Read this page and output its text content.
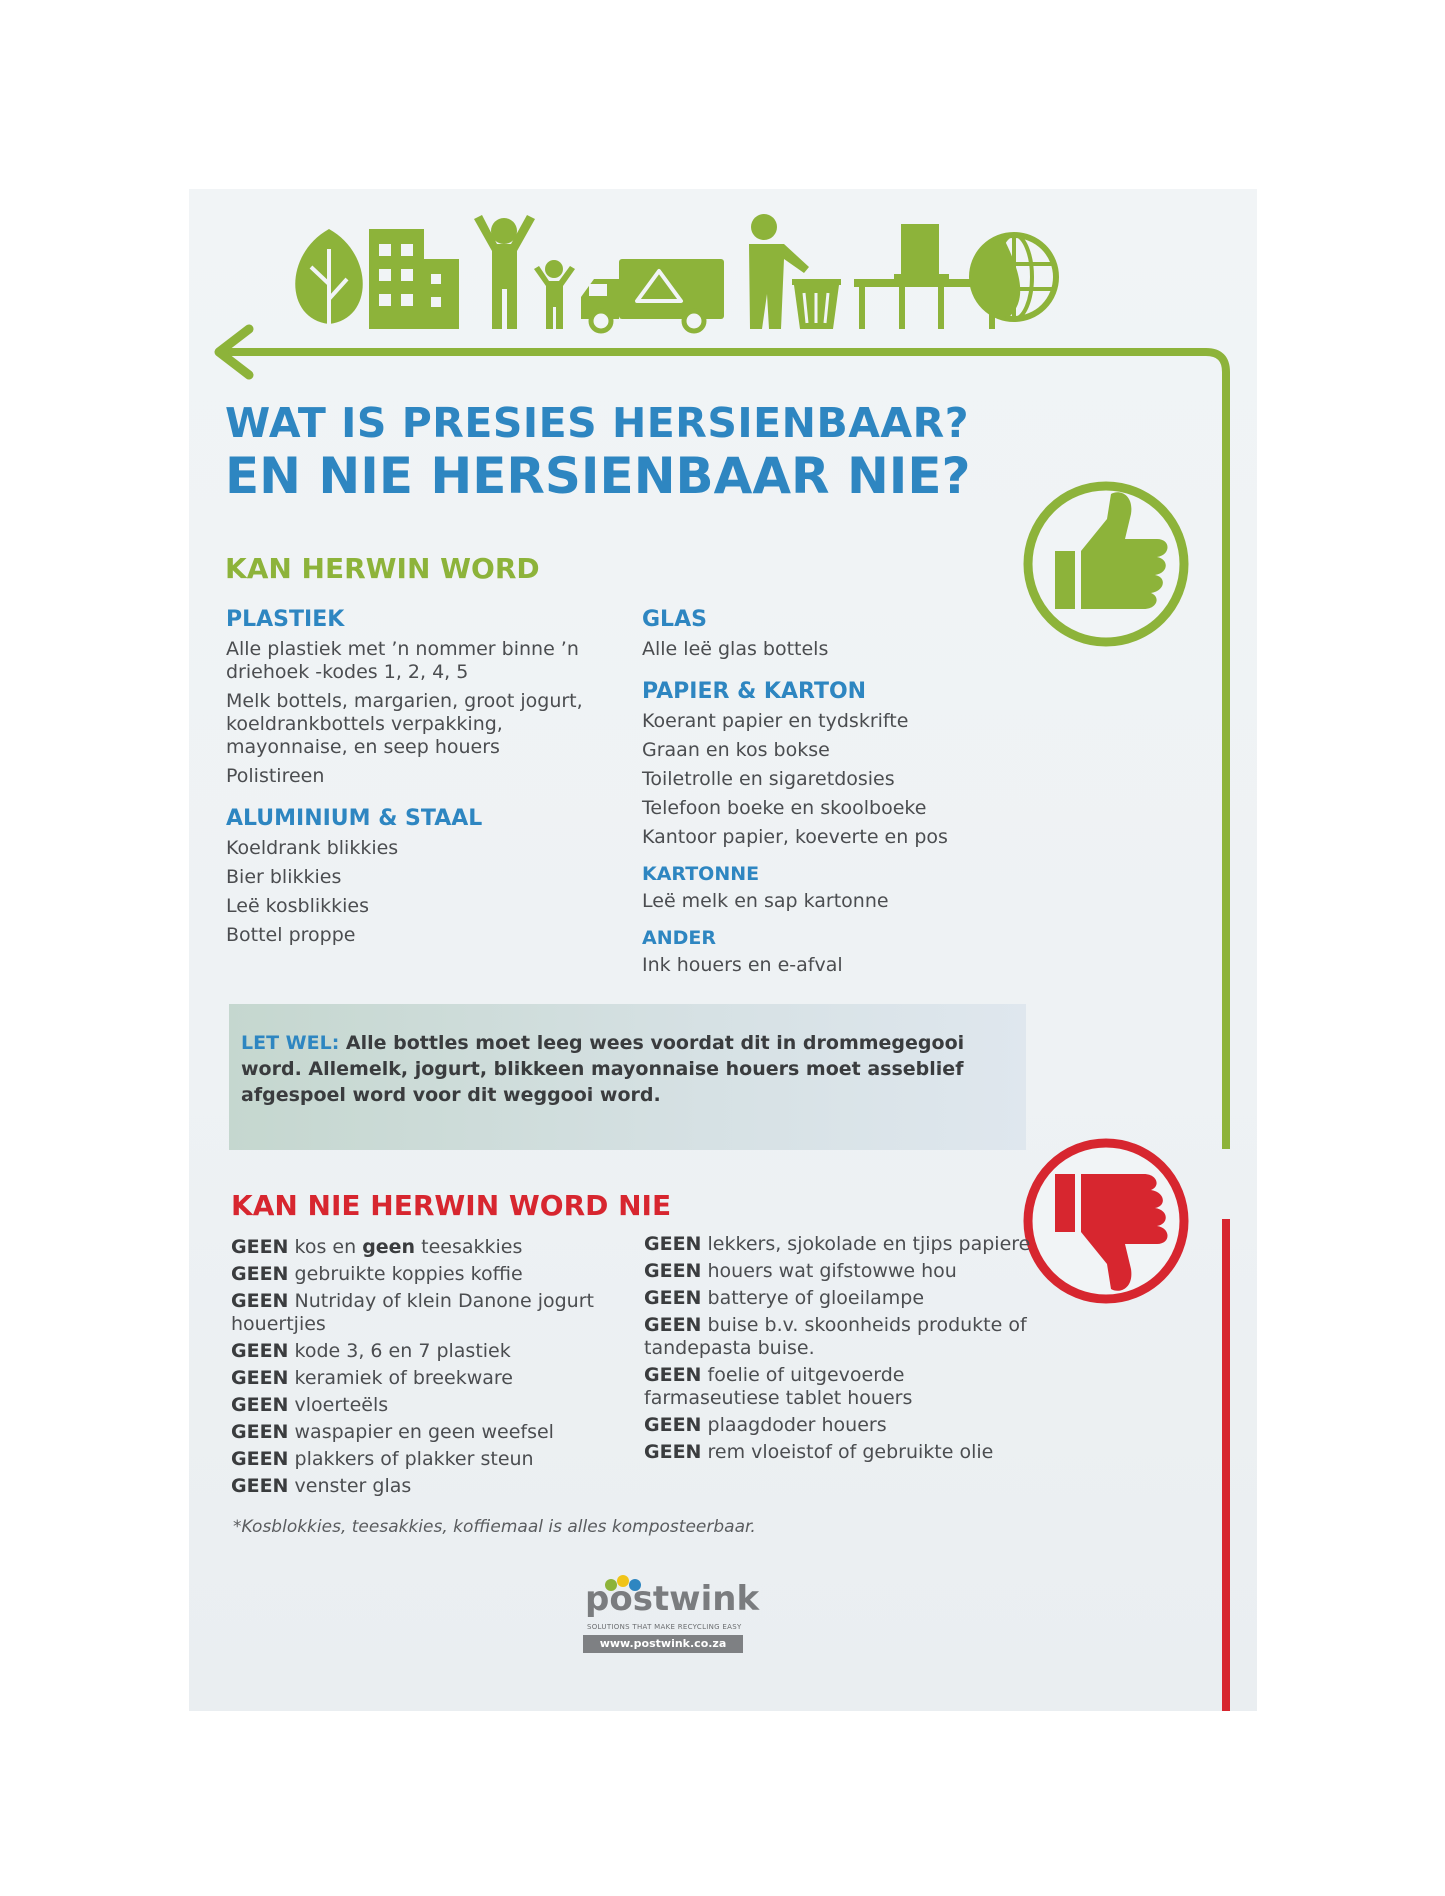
WAT IS PRESIES HERSIENBAAR?
EN NIE HERSIENBAAR NIE?
KAN HERWIN WORD
PLASTIEK
Alle plastiek met ’n nommer binne ’n driehoek -kodes 1, 2, 4, 5
Melk bottels, margarien, groot jogurt, koeldrankbottels verpakking, mayonnaise, en seep houers
Polistireen
ALUMINIUM & STAAL
Koeldrank blikkies
Bier blikkies
Leë kosblikkies
Bottel proppe
GLAS
Alle leë glas bottels
PAPIER & KARTON
Koerant papier en tydskrifte
Graan en kos bokse
Toiletrolle en sigaretdosies
Telefoon boeke en skoolboeke
Kantoor papier, koeverte en pos
KARTONNE
Leë melk en sap kartonne
ANDER
Ink houers en e-afval
LET WEL: Alle bottles moet leeg wees voordat dit in drommegegooi word. Allemelk, jogurt, blikkeen mayonnaise houers moet asseblief afgespoel word voor dit weggooi word.
KAN NIE HERWIN WORD NIE
GEEN kos en geen teesakkies
GEEN gebruikte koppies koffie
GEEN Nutriday of klein Danone jogurt houertjies
GEEN kode 3, 6 en 7 plastiek
GEEN keramiek of breekware
GEEN vloerteëls
GEEN waspapier en geen weefsel
GEEN plakkers of plakker steun
GEEN venster glas
GEEN lekkers, sjokolade en tjips papiere
GEEN houers wat gifstowwe hou
GEEN batterye of gloeilampe
GEEN buise b.v. skoonheids produkte of tandepasta buise.
GEEN foelie of uitgevoerde farmaseutiese tablet houers
GEEN plaagdoder houers
GEEN rem vloeistof of gebruikte olie
*Kosblokkies, teesakkies, koffiemaal is alles komposteerbaar.
postwink
SOLUTIONS THAT MAKE RECYCLING EASY
www.postwink.co.za
